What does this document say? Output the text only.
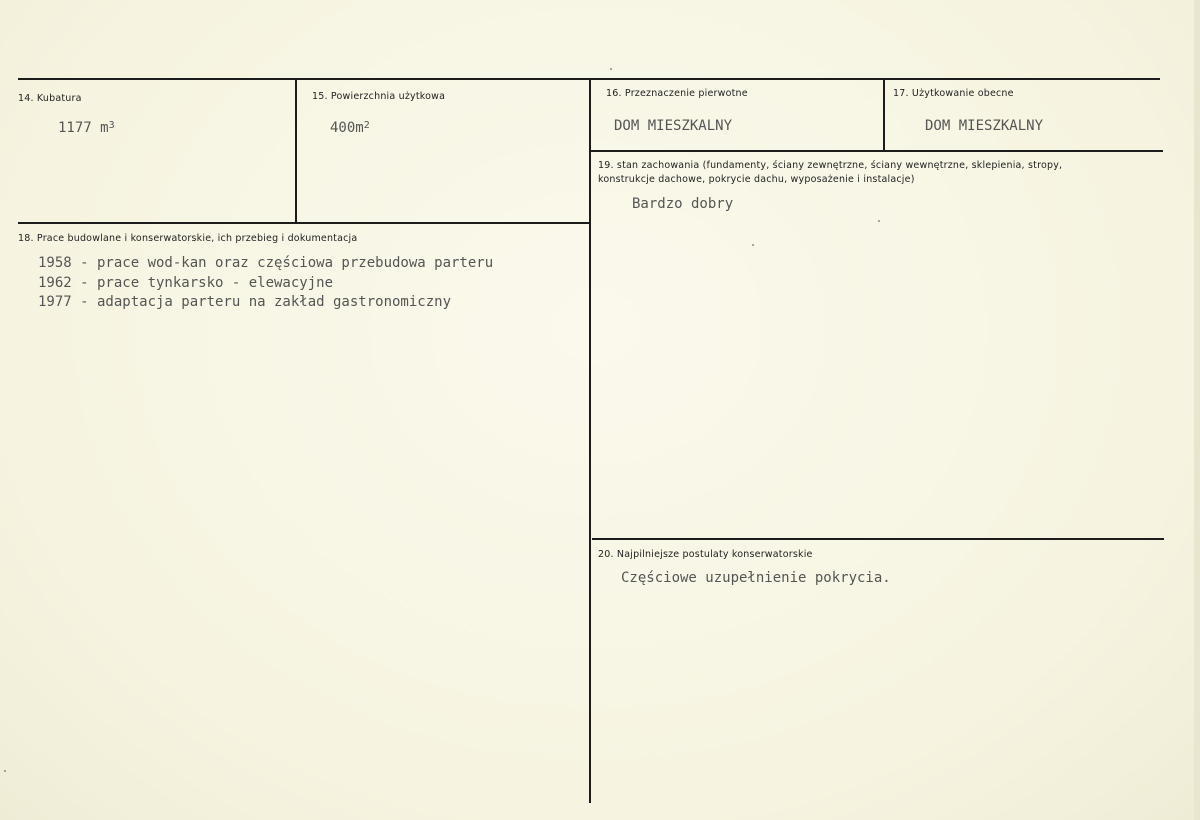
14. Kubatura
1177 $m^3$
15. Powierzchnia użytkowa
$400m^2$
16. Przeznaczenie pierwotne
DOM MIESZKALNY
17. Użytkowanie obecne
DOM MIESZKALNY
18. Prace budowlane i konserwatorskie, ich przebieg i dokumentacja
1958 - prace wod-kan oraz częściowa przebudowa parteru
1962 - prace tynkarsko - elewacyjne
1977 - adaptacja parteru na zakład gastronomiczny
19. stan zachowania (fundamenty, ściany zewnętrzne, ściany wewnętrzne, sklepienia, stropy,
konstrukcje dachowe, pokrycie dachu, wyposażenie i instalacje)
Bardzo dobry
20. Najpilniejsze postulaty konserwatorskie
Częściowe uzupełnienie pokrycia.
